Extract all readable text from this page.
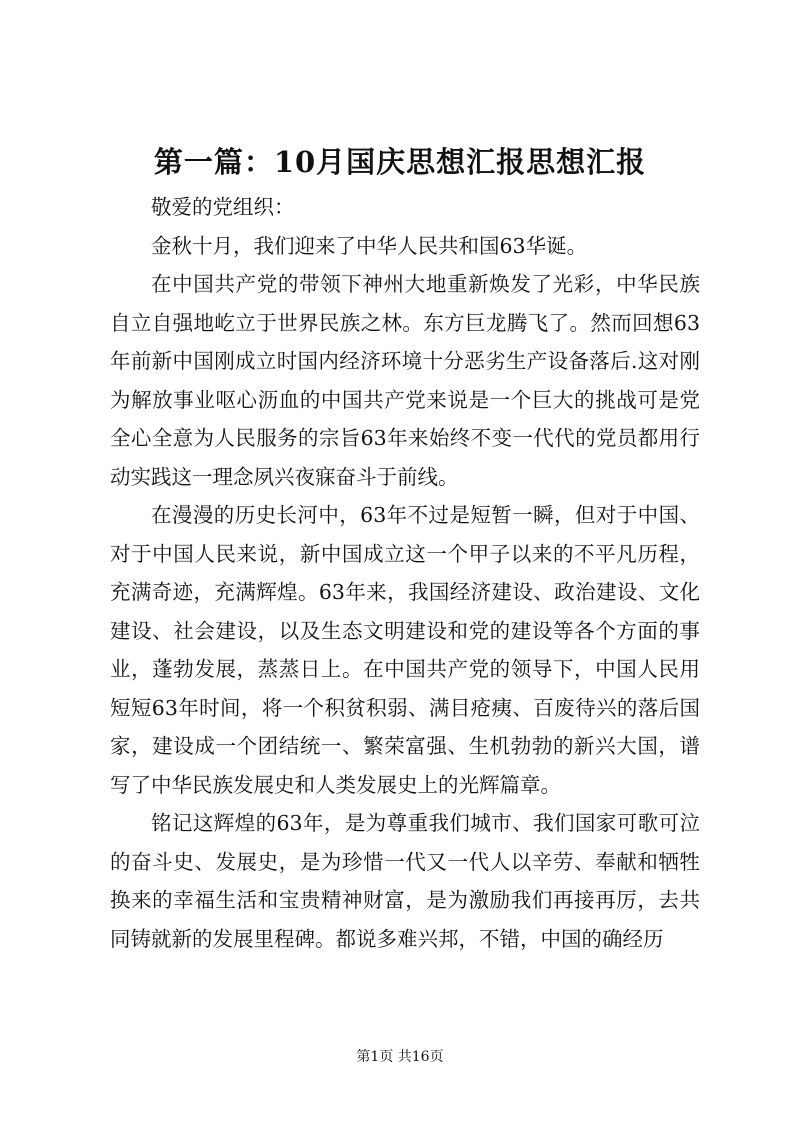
第一篇：10月国庆思想汇报思想汇报

敬爱的党组织：

金秋十月，我们迎来了中华人民共和国63华诞。

在中国共产党的带领下神州大地重新焕发了光彩，中华民族自立自强地屹立于世界民族之林。东方巨龙腾飞了。然而回想63年前新中国刚成立时国内经济环境十分恶劣生产设备落后.这对刚为解放事业呕心沥血的中国共产党来说是一个巨大的挑战可是党全心全意为人民服务的宗旨63年来始终不变一代代的党员都用行动实践这一理念夙兴夜寐奋斗于前线。

在漫漫的历史长河中，63年不过是短暂一瞬，但对于中国、对于中国人民来说，新中国成立这一个甲子以来的不平凡历程，充满奇迹，充满辉煌。63年来，我国经济建设、政治建设、文化建设、社会建设，以及生态文明建设和党的建设等各个方面的事业，蓬勃发展，蒸蒸日上。在中国共产党的领导下，中国人民用短短63年时间，将一个积贫积弱、满目疮痍、百废待兴的落后国家，建设成一个团结统一、繁荣富强、生机勃勃的新兴大国，谱写了中华民族发展史和人类发展史上的光辉篇章。

铭记这辉煌的63年，是为尊重我们城市、我们国家可歌可泣的奋斗史、发展史，是为珍惜一代又一代人以辛劳、奉献和牺牲换来的幸福生活和宝贵精神财富，是为激励我们再接再厉，去共同铸就新的发展里程碑。都说多难兴邦，不错，中国的确经历

第1页 共16页
